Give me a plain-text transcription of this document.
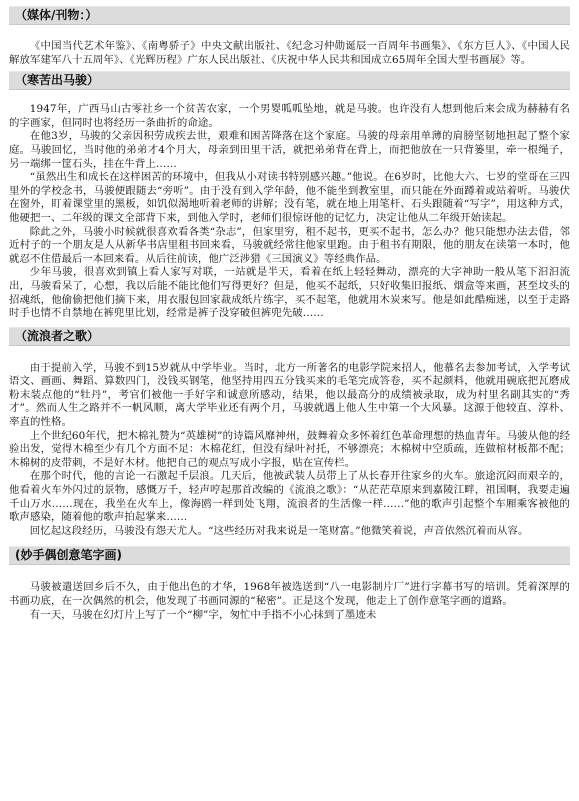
（媒体/刊物：）

《中国当代艺术年鉴》、《南粤骄子》中央文献出版社、《纪念习仲勋诞辰一百周年书画集》、《东方巨人》、《中国人民解放军建军八十五周年》、《光辉历程》广东人民出版社、《庆祝中华人民共和国成立65周年全国大型书画展》等。

（寒苦出马骏）

1947年，广西马山古零社乡一个贫苦农家，一个男婴呱呱坠地，就是马骏。也许没有人想到他后来会成为赫赫有名的字画家，但同时也将经历一条曲折的命途。

在他3岁，马骏的父亲因积劳成疾去世，艰难和困苦降落在这个家庭。马骏的母亲用单薄的肩膀坚韧地担起了整个家庭。马骏回忆，当时他的弟弟才4个月大，母亲到田里干活，就把弟弟背在背上，而把他放在一只背篓里，牵一根绳子，另一端绑一筐石头，挂在牛背上……

“虽然出生和成长在这样困苦的环境中，但我从小对读书特别感兴趣。”他说。在6岁时，比他大六、七岁的堂哥在三四里外的学校念书，马骏便跟随去“旁听”。由于没有到入学年龄，他不能坐到教室里，而只能在外面蹲着或站着听。马骏伏在窗外，盯着课堂里的黑板，如饥似渴地听着老师的讲解；没有笔，就在地上用笔杆、石头跟随着“写字”，用这种方式，他硬把一、二年级的课文全部背下来，到他入学时，老师们很惊讶他的记忆力，决定让他从二年级开始读起。

除此之外，马骏小时候就很喜欢看各类“杂志”，但家里穷，租不起书，更买不起书，怎么办？他只能想办法去借，邻近村子的一个朋友是人从新华书店里租书回来看，马骏就经常往他家里跑。由于租书有期限，他的朋友在读第一本时，他就忍不住借最后一本回来看。从后往前读，他广泛涉猎《三国演义》等经典作品。

少年马骏，很喜欢到镇上看人家写对联，一站就是半天，看着在纸上轻轻舞动，漂亮的大字神助一般从笔下汩汩流出，马骏看呆了，心想，我以后能不能比他们写得更好？但是，他买不起纸，只好收集旧报纸、烟盒等来画，甚至坟头的招魂纸，他偷偷把他们摘下来，用衣服包回家裁成纸片练字，买不起笔，他就用木炭来写。他是如此酷痴迷，以至于走路时手也情不自禁地在裤兜里比划，经常是裤子没穿破但裤兜先破……

（流浪者之歌）

由于提前入学，马骏不到15岁就从中学毕业。当时，北方一所著名的电影学院来招人，他慕名去参加考试，入学考试语文、画画、舞蹈、算数四门，没钱买钢笔，他坚持用四五分钱买来的毛笔完成答卷，买不起颜料，他就用碗底把瓦磨成粉末装点他的“牡丹”，考官们被他一手好字和诚意所感动，结果，他以最高分的成绩被录取，成为村里名副其实的“秀才”。然而人生之路并不一帆风顺，离大学毕业还有两个月，马骏就遇上他人生中第一个大风暴。这源于他较直、淳朴、率直的性格。

上个世纪60年代，把木棉礼赞为“英雄树”的诗篇风靡神州，鼓舞着众多怀着红色革命理想的热血青年。马骏从他的经验出发，觉得木棉至少有几个方面不足：木棉花红，但没有绿叶衬托，不够漂亮；木棉树中空质疏，连做棺材板都不配；木棉树的皮带刺，不是好木材。他把自己的观点写成小字报，贴在宣传栏。

在那个时代，他的言论一石激起千层浪。几天后，他被武装人员带上了从长春开往家乡的火车。旅途沉闷而艰辛的，他看着火车外闪过的景物，感慨万千，轻声哼起那首改编的《流浪之歌》：“从茫茫草原来到嘉陵江畔，祖国啊，我要走遍千山万水……现在，我坐在火车上，像海鸥一样到处飞翔，流浪者的生活像一样……”他的歌声引起整个车厢乘客被他的歌声感染，随着他的歌声拍起掌来……

回忆起这段经历，马骏没有怨天尤人。“这些经历对我来说是一笔财富。”他微笑着说，声音依然沉着而从容。

(妙手偶创意笔字画)

马骏被遣送回乡后不久，由于他出色的才华，1968年被选送到“八一电影制片厂”进行字幕书写的培训。凭着深厚的书画功底，在一次偶然的机会，他发现了书画同源的“秘密”。正是这个发现，他走上了创作意笔字画的道路。

有一天，马骏在幻灯片上写了一个“柳”字，匆忙中手指不小心抹到了墨迹未
